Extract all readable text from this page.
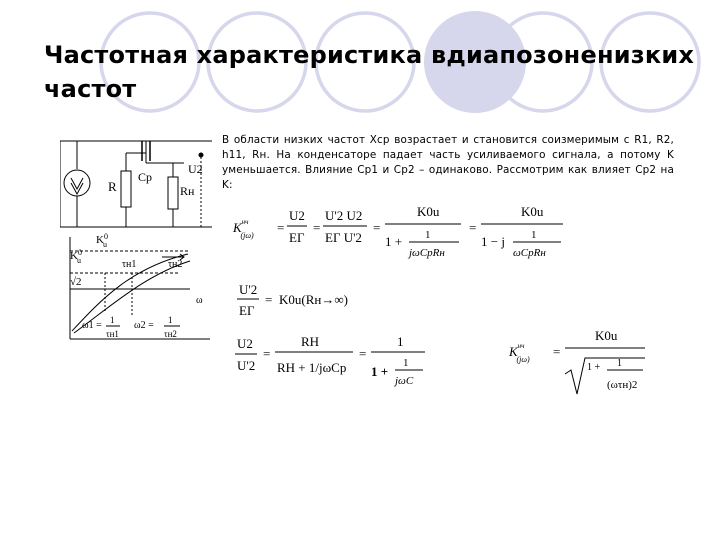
Частотная характеристика вдиапозоненизких
частот
R
Cp
U2
Rн
$K^0$ u
$K^0$ u
√2
τн1	τн2
ω
ω1 = 1
τн1
ω2 = 1
τн2
В области низких частот Хср возрастает и становится соизмеримым с R1, R2, h11, Rн. На конденсаторе падает часть усиливаемого сигнала, а потому K уменьшается. Влияние Ср1 и Ср2 – одинаково. Рассмотрим как влияет Ср2 на K:
$K^{нч}$ (jω)
=
U2
EГ
=
U'2 U2
EГ U'2
=
K0u
1 + 1
jωCpRн
=
K0u
1 − j 1
ωCpRн
U'2
EГ
= K0u(Rн→∞)
U2
U'2
=
RН
RН + 1/jωCp
=
1
1 +
1
jωC
$K^{нч}$ (jω)
=
K0u
1 + 1
(ωτн)2
